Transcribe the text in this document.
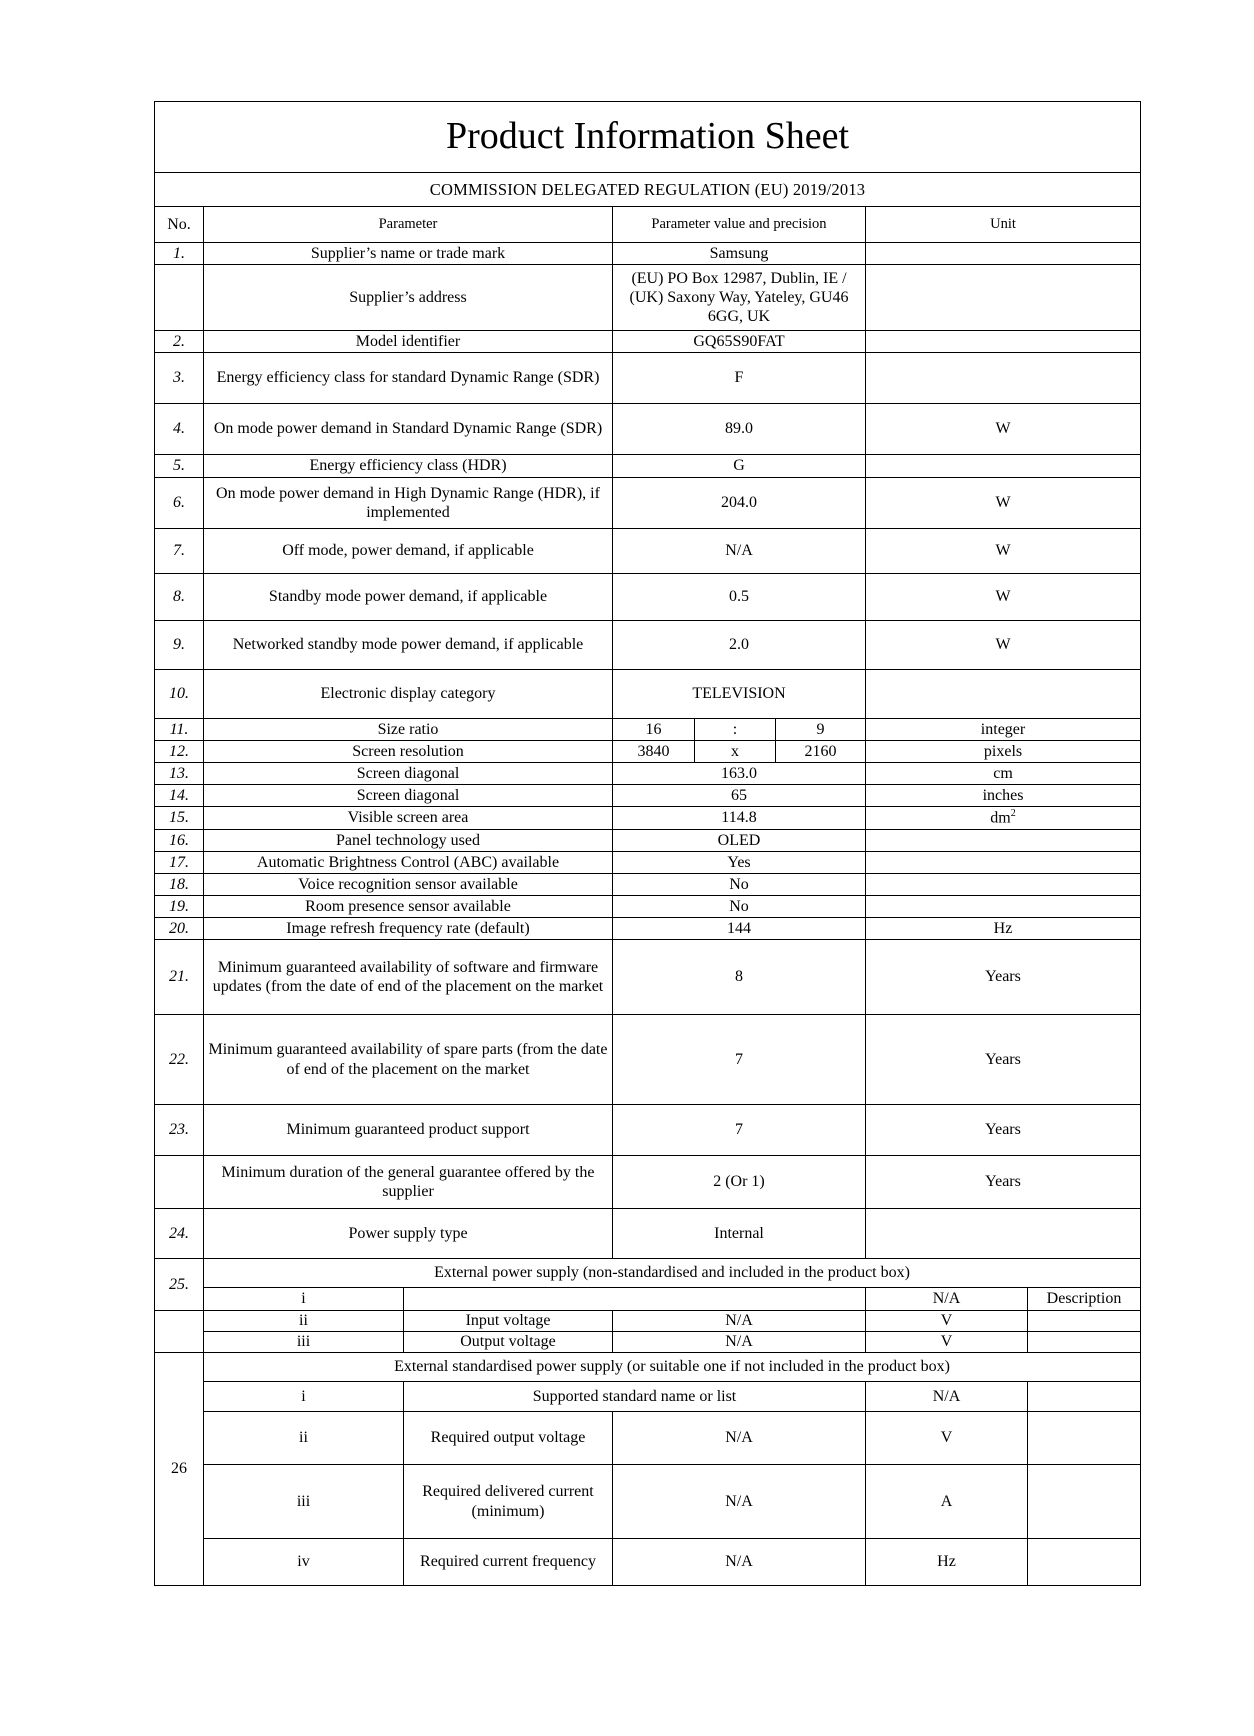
Product Information Sheet							
COMMISSION DELEGATED REGULATION (EU) 2019/2013							
No.	Parameter		Parameter value and precision			Unit	
1.	Supplier’s name or trade mark		Samsung				
	Supplier’s address		(EU) PO Box 12987, Dublin, IE / (UK) Saxony Way, Yateley, GU46 6GG, UK				
2.	Model identifier		GQ65S90FAT				
3.	Energy efficiency class for standard Dynamic Range (SDR)		F				
4.	On mode power demand in Standard Dynamic Range (SDR)		89.0			W	
5.	Energy efficiency class (HDR)		G				
6.	On mode power demand in High Dynamic Range (HDR), if implemented		204.0			W	
7.	Off mode, power demand, if applicable		N/A			W	
8.	Standby mode power demand, if applicable		0.5			W	
9.	Networked standby mode power demand, if applicable		2.0			W	
10.	Electronic display category		TELEVISION				
11.	Size ratio		16	:	9	integer	
12.	Screen resolution		3840	x	2160	pixels	
13.	Screen diagonal		163.0			cm	
14.	Screen diagonal		65			inches	
15.	Visible screen area		114.8			$dm^2$
16.	Panel technology used		OLED				
17.	Automatic Brightness Control (ABC) available		Yes				
18.	Voice recognition sensor available		No				
19.	Room presence sensor available		No				
20.	Image refresh frequency rate (default)		144			Hz	
21.	Minimum guaranteed availability of software and firmware updates (from the date of end of the placement on the market		8			Years	
22.	Minimum guaranteed availability of spare parts (from the date of end of the placement on the market		7			Years	
23.	Minimum guaranteed product support		7			Years	
	Minimum duration of the general guarantee offered by the supplier		2 (Or 1)			Years	
24.	Power supply type		Internal				
25.	External power supply (non-standardised and included in the product box)						
	i					N/A	Description
	ii	Input voltage	N/A			V	
	iii	Output voltage	N/A			V	
26	External standardised power supply (or suitable one if not included in the product box)						
	i	Supported standard name or list				N/A	
	ii	Required output voltage	N/A			V	
	iii	Required delivered current (minimum)	N/A			A	
	iv	Required current frequency	N/A			Hz	
